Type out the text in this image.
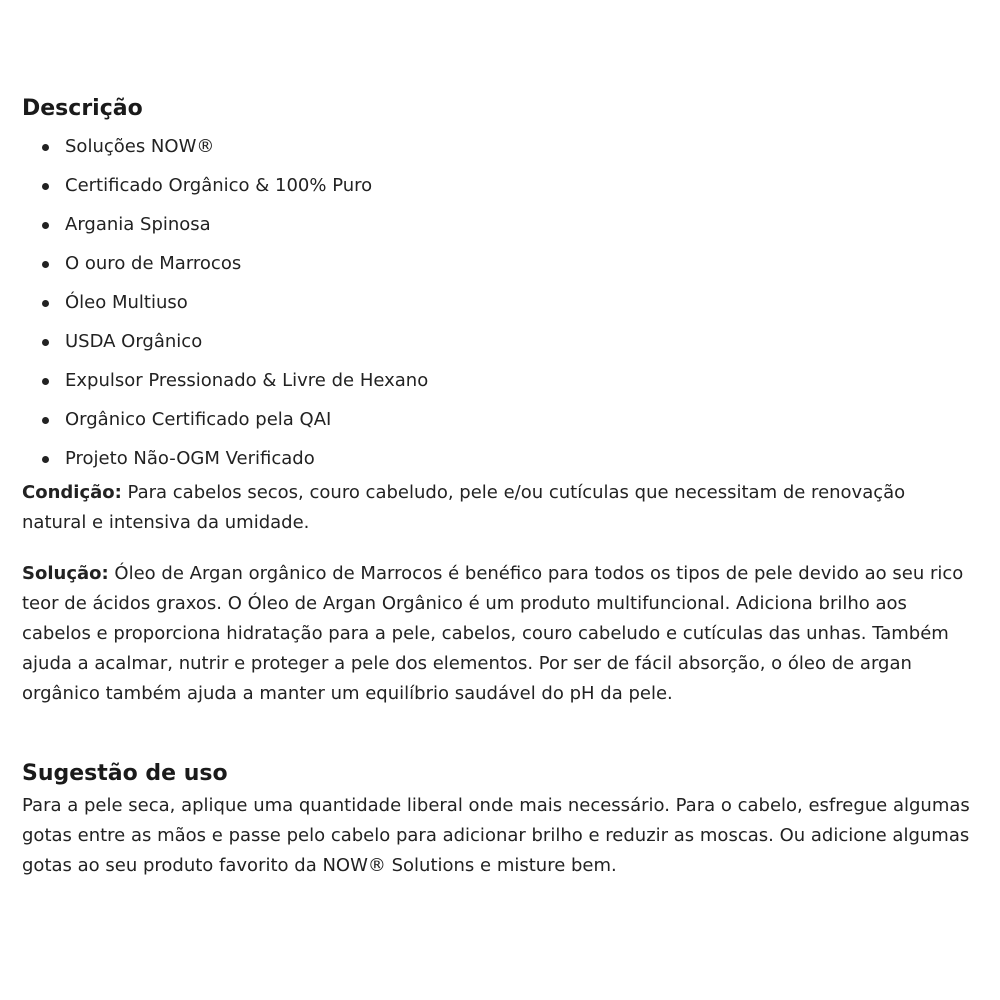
Descrição
Soluções NOW®
Certificado Orgânico & 100% Puro
Argania Spinosa
O ouro de Marrocos
Óleo Multiuso
USDA Orgânico
Expulsor Pressionado & Livre de Hexano
Orgânico Certificado pela QAI
Projeto Não-OGM Verificado

Condição: Para cabelos secos, couro cabeludo, pele e/ou cutículas que necessitam de renovação natural e intensiva da umidade.

Solução: Óleo de Argan orgânico de Marrocos é benéfico para todos os tipos de pele devido ao seu rico teor de ácidos graxos. O Óleo de Argan Orgânico é um produto multifuncional. Adiciona brilho aos cabelos e proporciona hidratação para a pele, cabelos, couro cabeludo e cutículas das unhas. Também ajuda a acalmar, nutrir e proteger a pele dos elementos. Por ser de fácil absorção, o óleo de argan orgânico também ajuda a manter um equilíbrio saudável do pH da pele.

Sugestão de uso

Para a pele seca, aplique uma quantidade liberal onde mais necessário. Para o cabelo, esfregue algumas gotas entre as mãos e passe pelo cabelo para adicionar brilho e reduzir as moscas. Ou adicione algumas gotas ao seu produto favorito da NOW® Solutions e misture bem.
